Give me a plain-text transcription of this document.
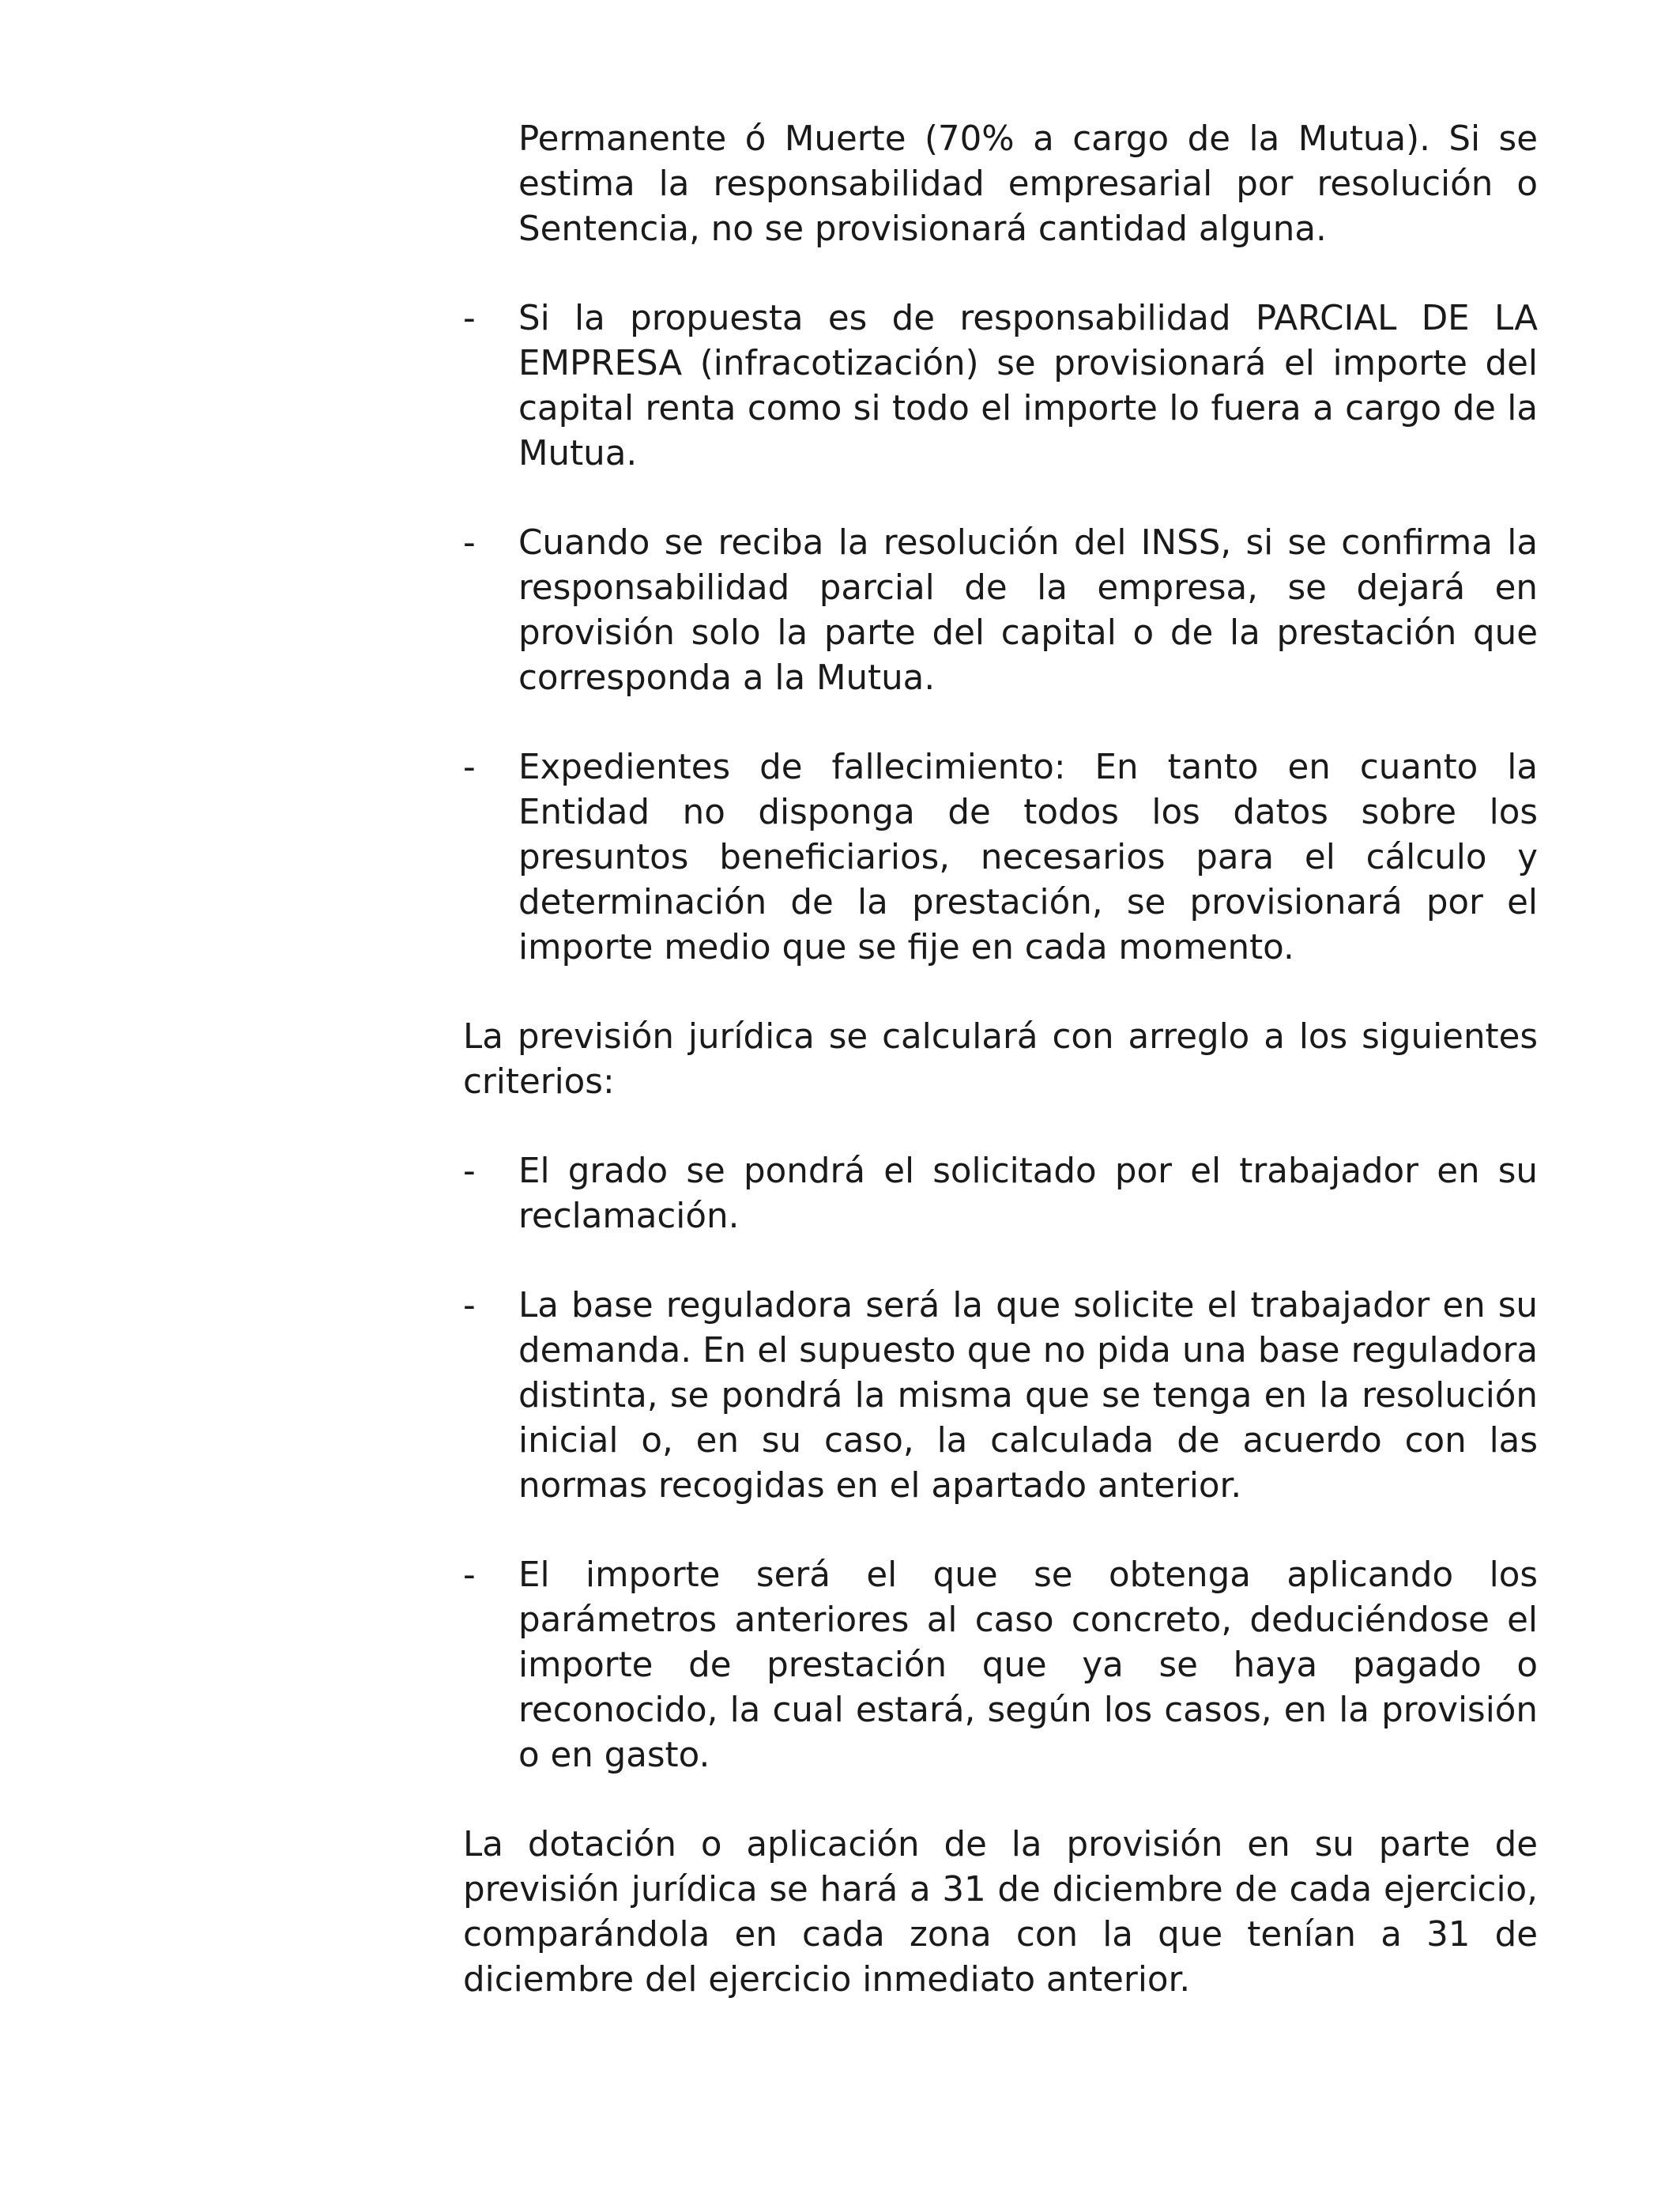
Permanente ó Muerte (70% a cargo de la Mutua). Si se estima la responsabilidad empresarial por resolución o Sentencia, no se provisionará cantidad alguna.

- Si la propuesta es de responsabilidad PARCIAL DE LA EMPRESA (infracotización) se provisionará el importe del capital renta como si todo el importe lo fuera a cargo de la Mutua.
- Cuando se reciba la resolución del INSS, si se confirma la responsabilidad parcial de la empresa, se dejará en provisión solo la parte del capital o de la prestación que corresponda a la Mutua.
- Expedientes de fallecimiento: En tanto en cuanto la Entidad no disponga de todos los datos sobre los presuntos beneficiarios, necesarios para el cálculo y determinación de la prestación, se provisionará por el importe medio que se fije en cada momento.

La previsión jurídica se calculará con arreglo a los siguientes criterios:

- El grado se pondrá el solicitado por el trabajador en su reclamación.
- La base reguladora será la que solicite el trabajador en su demanda. En el supuesto que no pida una base reguladora distinta, se pondrá la misma que se tenga en la resolución inicial o, en su caso, la calculada de acuerdo con las normas recogidas en el apartado anterior.
- El importe será el que se obtenga aplicando los parámetros anteriores al caso concreto, deduciéndose el importe de prestación que ya se haya pagado o reconocido, la cual estará, según los casos, en la provisión o en gasto.

La dotación o aplicación de la provisión en su parte de previsión jurídica se hará a 31 de diciembre de cada ejercicio, comparándola en cada zona con la que tenían a 31 de diciembre del ejercicio inmediato anterior.
